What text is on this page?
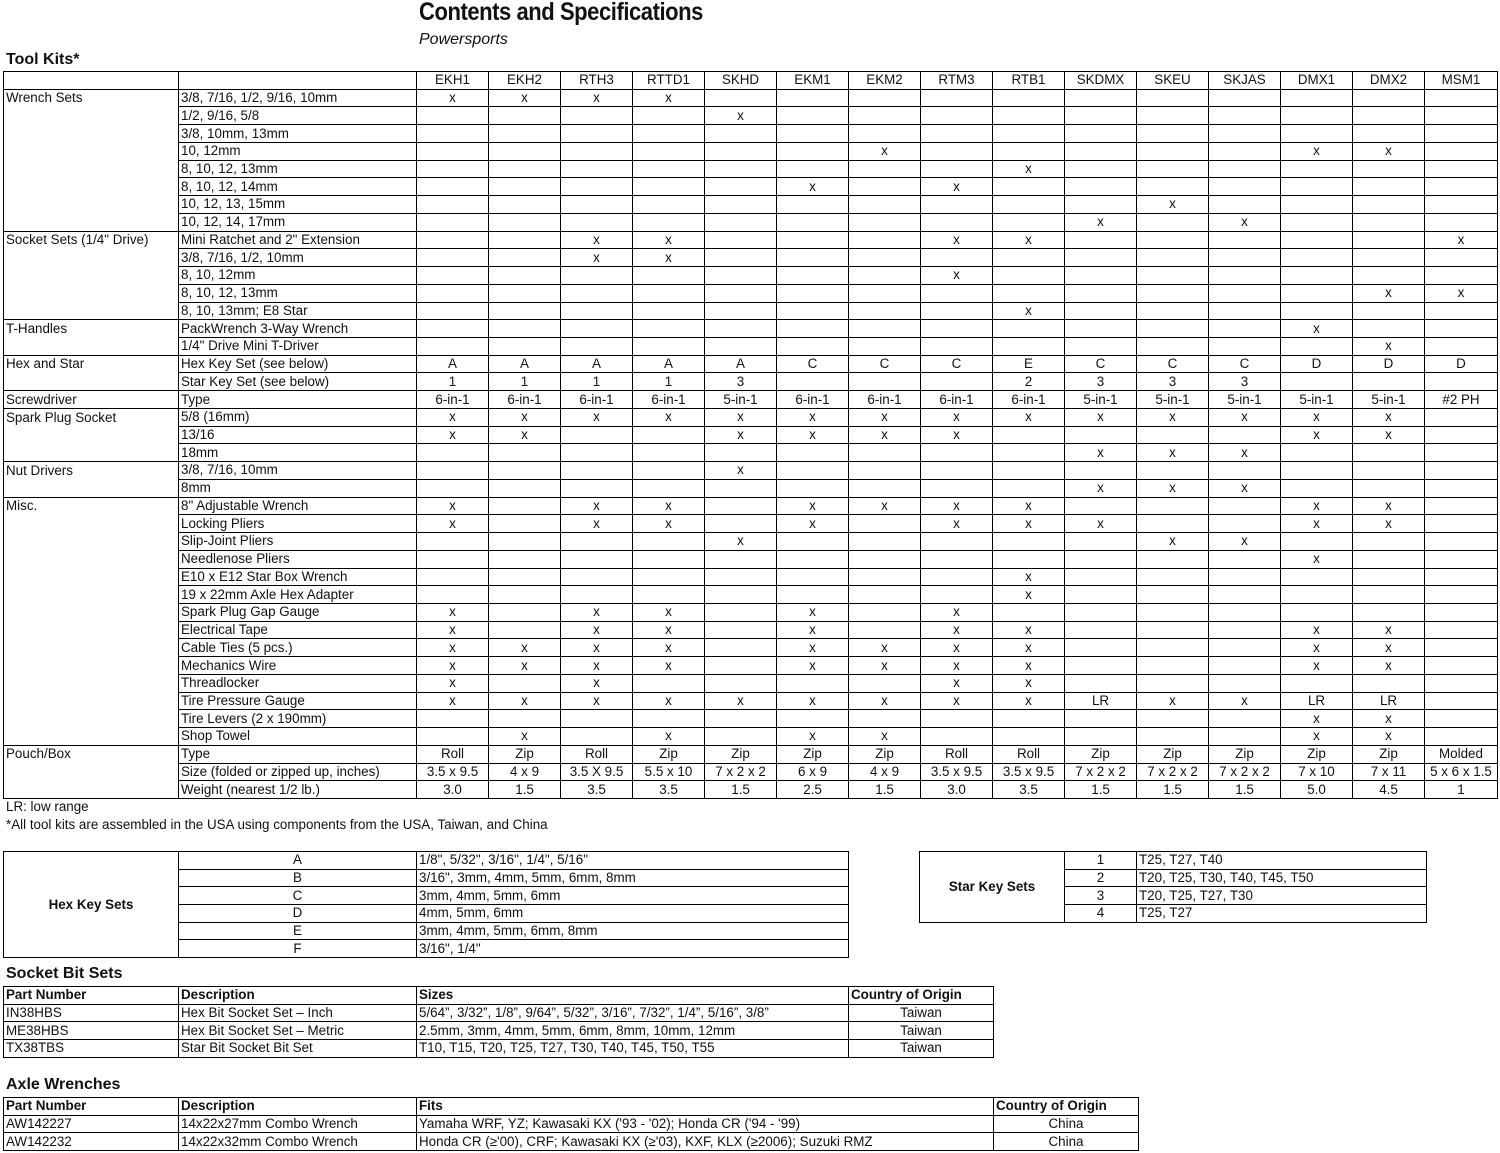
Contents and Specifications
Powersports
Tool Kits*
		EKH1	EKH2	RTH3	RTTD1	SKHD	EKM1	EKM2	RTM3	RTB1	SKDMX	SKEU	SKJAS	DMX1	DMX2	MSM1
Wrench Sets	3/8, 7/16, 1/2, 9/16, 10mm	x	x	x	x											
	1/2, 9/16, 5/8					x										
	3/8, 10mm, 13mm															
	10, 12mm							x						x	x	
	8, 10, 12, 13mm									x						
	8, 10, 12, 14mm						x		x							
	10, 12, 13, 15mm											x				
	10, 12, 14, 17mm										x		x			
Socket Sets (1/4" Drive)	Mini Ratchet and 2" Extension			x	x				x	x						x
	3/8, 7/16, 1/2, 10mm			x	x											
	8, 10, 12mm								x							
	8, 10, 12, 13mm														x	x
	8, 10, 13mm; E8 Star									x						
T-Handles	PackWrench 3-Way Wrench													x		
	1/4" Drive Mini T-Driver														x	
Hex and Star	Hex Key Set (see below)	A	A	A	A	A	C	C	C	E	C	C	C	D	D	D
	Star Key Set (see below)	1	1	1	1	3				2	3	3	3			
Screwdriver	Type	6-in-1	6-in-1	6-in-1	6-in-1	5-in-1	6-in-1	6-in-1	6-in-1	6-in-1	5-in-1	5-in-1	5-in-1	5-in-1	5-in-1	#2 PH
Spark Plug Socket	5/8 (16mm)	x	x	x	x	x	x	x	x	x	x	x	x	x	x	
	13/16	x	x			x	x	x	x					x	x	
	18mm										x	x	x			
Nut Drivers	3/8, 7/16, 10mm					x										
	8mm										x	x	x			
Misc.	8" Adjustable Wrench	x		x	x		x	x	x	x				x	x	
	Locking Pliers	x		x	x		x		x	x	x			x	x	
	Slip-Joint Pliers					x						x	x			
	Needlenose Pliers													x		
	E10 x E12 Star Box Wrench									x						
	19 x 22mm Axle Hex Adapter									x						
	Spark Plug Gap Gauge	x		x	x		x		x							
	Electrical Tape	x		x	x		x		x	x				x	x	
	Cable Ties (5 pcs.)	x	x	x	x		x	x	x	x				x	x	
	Mechanics Wire	x	x	x	x		x	x	x	x				x	x	
	Threadlocker	x		x					x	x						
	Tire Pressure Gauge	x	x	x	x	x	x	x	x	x	LR	x	x	LR	LR	
	Tire Levers (2 x 190mm)													x	x	
	Shop Towel		x		x		x	x						x	x	
Pouch/Box	Type	Roll	Zip	Roll	Zip	Zip	Zip	Zip	Roll	Roll	Zip	Zip	Zip	Zip	Zip	Molded
	Size (folded or zipped up, inches)	3.5 x 9.5	4 x 9	3.5 X 9.5	5.5 x 10	7 x 2 x 2	6 x 9	4 x 9	3.5 x 9.5	3.5 x 9.5	7 x 2 x 2	7 x 2 x 2	7 x 2 x 2	7 x 10	7 x 11	5 x 6 x 1.5
	Weight (nearest 1/2 lb.)	3.0	1.5	3.5	3.5	1.5	2.5	1.5	3.0	3.5	1.5	1.5	1.5	5.0	4.5	1
LR: low range
*All tool kits are assembled in the USA using components from the USA, Taiwan, and China
Hex Key Sets	A	1/8", 5/32", 3/16", 1/4", 5/16"
	B	3/16", 3mm, 4mm, 5mm, 6mm, 8mm
	C	3mm, 4mm, 5mm, 6mm
	D	4mm, 5mm, 6mm
	E	3mm, 4mm, 5mm, 6mm, 8mm
	F	3/16", 1/4"
Star Key Sets	1	T25, T27, T40
	2	T20, T25, T30, T40, T45, T50
	3	T20, T25, T27, T30
	4	T25, T27
Socket Bit Sets
Part Number	Description	Sizes	Country of Origin
IN38HBS	Hex Bit Socket Set – Inch	5/64”, 3/32”, 1/8”, 9/64”, 5/32”, 3/16”, 7/32”, 1/4”, 5/16”, 3/8”	Taiwan
ME38HBS	Hex Bit Socket Set – Metric	2.5mm, 3mm, 4mm, 5mm, 6mm, 8mm, 10mm, 12mm	Taiwan
TX38TBS	Star Bit Socket Bit Set	T10, T15, T20, T25, T27, T30, T40, T45, T50, T55	Taiwan
Axle Wrenches
Part Number	Description	Fits	Country of Origin
AW142227	14x22x27mm Combo Wrench	Yamaha WRF, YZ; Kawasaki KX ('93 - '02); Honda CR ('94 - '99)	China
AW142232	14x22x32mm Combo Wrench	Honda CR (≥'00), CRF; Kawasaki KX (≥'03), KXF, KLX (≥2006); Suzuki RMZ	China
